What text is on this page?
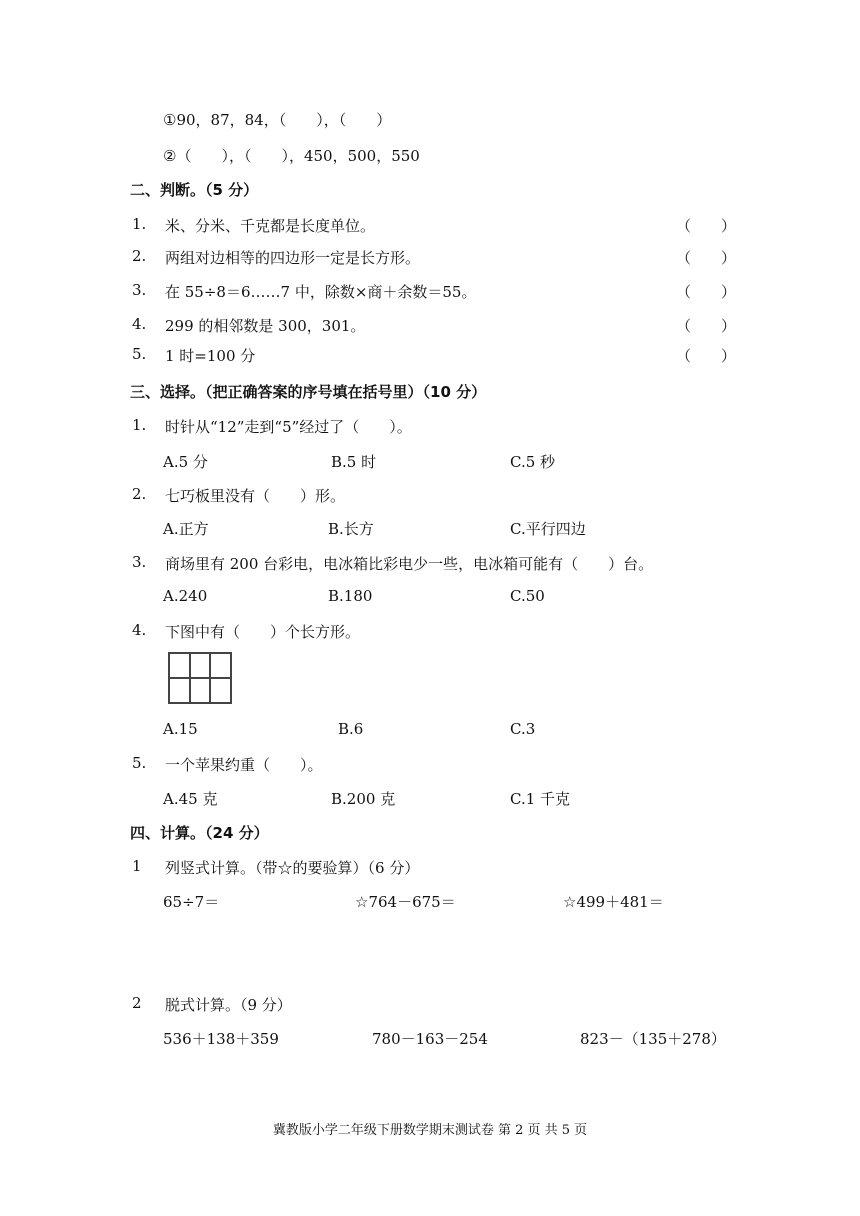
①90，87，84，（　　），（　　）
②（　　），（　　），450，500，550
二、判断。（5 分）
1. 米、分米、千克都是长度单位。	（　　）
2. 两组对边相等的四边形一定是长方形。	（　　）
3. 在 55÷8＝6……7 中，除数×商＋余数＝55。	（　　）
4. 299 的相邻数是 300，301。	（　　）
5. 1 时=100 分	（　　）
三、选择。（把正确答案的序号填在括号里）（10 分）
1. 时针从“12”走到“5”经过了（　　）。
A.5 分	B.5 时	C.5 秒
2. 七巧板里没有（　　）形。
A.正方	B.长方	C.平行四边
3. 商场里有 200 台彩电，电冰箱比彩电少一些，电冰箱可能有（　　）台。
A.240	B.180	C.50
4. 下图中有（　　）个长方形。
A.15	B.6	C.3
5. 一个苹果约重（　　）。
A.45 克	B.200 克	C.1 千克
四、计算。（24 分）
1 列竖式计算。（带☆的要验算）（6 分）
65÷7＝	☆764－675＝	☆499＋481＝
2 脱式计算。（9 分）
536＋138＋359	780－163－254	823－（135＋278）
冀教版小学二年级下册数学期末测试卷 第 2 页 共 5 页
